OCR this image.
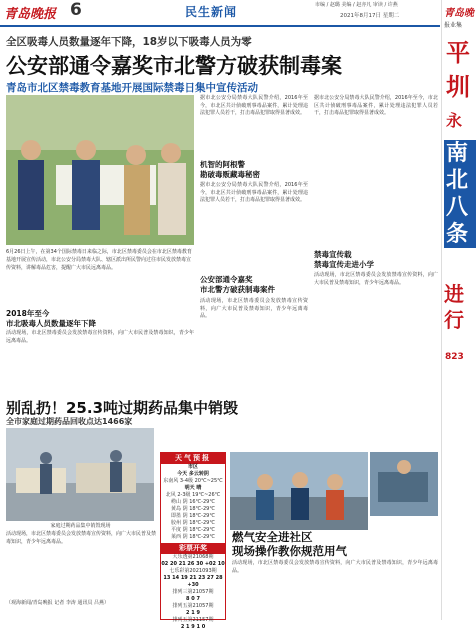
青岛晚报 6	民生新闻	市编 / 赵璐 美编 / 赵亦凡 审读 / 许燕
2021年8月17日 星期二
全区吸毒人员数量逐年下降，18岁以下吸毒人员为零
公安部通令嘉奖市北警方破获制毒案
青岛市北区禁毒教育基地开展国际禁毒日集中宣传活动
6月26日上午，在第34个国际禁毒日来临之际，市北区禁毒委员会在市北区禁毒教育基地开展宣传活动，市北公安分局禁毒大队、辖区派出所民警向过往市民发放禁毒宣传资料，讲解毒品危害，提醒广大市民远离毒品。
2018年至今
市北吸毒人员数量逐年下降
活动现场，市北区禁毒委员会发放禁毒宣传资料，向广大市民普及禁毒知识，青少年远离毒品。
据市北公安分局禁毒大队民警介绍，2016年至今，市北区共计侦破刑事毒品案件，累计处理违法犯罪人员若干，打击毒品犯罪取得显著成效。
机智的阿根警
勘破毒贩藏毒秘密
据市北公安分局禁毒大队民警介绍，2016年至今，市北区共计侦破刑事毒品案件，累计处理违法犯罪人员若干，打击毒品犯罪取得显著成效。
公安部通令嘉奖
市北警方破获制毒案件
活动现场，市北区禁毒委员会发放禁毒宣传资料，向广大市民普及禁毒知识，青少年远离毒品。
据市北公安分局禁毒大队民警介绍，2016年至今，市北区共计侦破刑事毒品案件，累计处理违法犯罪人员若干，打击毒品犯罪取得显著成效。
禁毒宣传载
禁毒宣传走进小学
活动现场，市北区禁毒委员会发放禁毒宣传资料，向广大市民普及禁毒知识，青少年远离毒品。
别乱扔！25.3吨过期药品集中销毁
全市家庭过期药品回收点达1466家
家庭过期药品集中销毁现场
活动现场，市北区禁毒委员会发放禁毒宣传资料，向广大市民普及禁毒知识，青少年远离毒品。
（观海新闻/青岛晚报 记者 李涛 通讯员 吕燕）
天气预报
市区
今天 多云转阴
东南风 3-4级 20℃~25℃
明天 晴
北风 2-3级 19℃~26℃
崂山 阴 16℃-29℃
黄岛 阴 18℃-29℃
即墨 阴 18℃-29℃
胶州 阴 18℃-29℃
平度 阴 18℃-29℃
莱西 阴 18℃-29℃
彩票开奖
大乐透第21068期
02 20 21 26 30 +02 10
七乐彩第2021093期
13 14 19 21 23 27 28 +30
排列三第21057期
8 0 7
排列五第21057期
2 1 9
排列五第21157期
2 1 9 1 0
燃气安全进社区
现场操作教你规范用气
活动现场，市北区禁毒委员会发放禁毒宣传资料，向广大市民普及禁毒知识，青少年远离毒品。
青岛晚
报业集
平
圳
永
南
北
八
条
进
行
823
